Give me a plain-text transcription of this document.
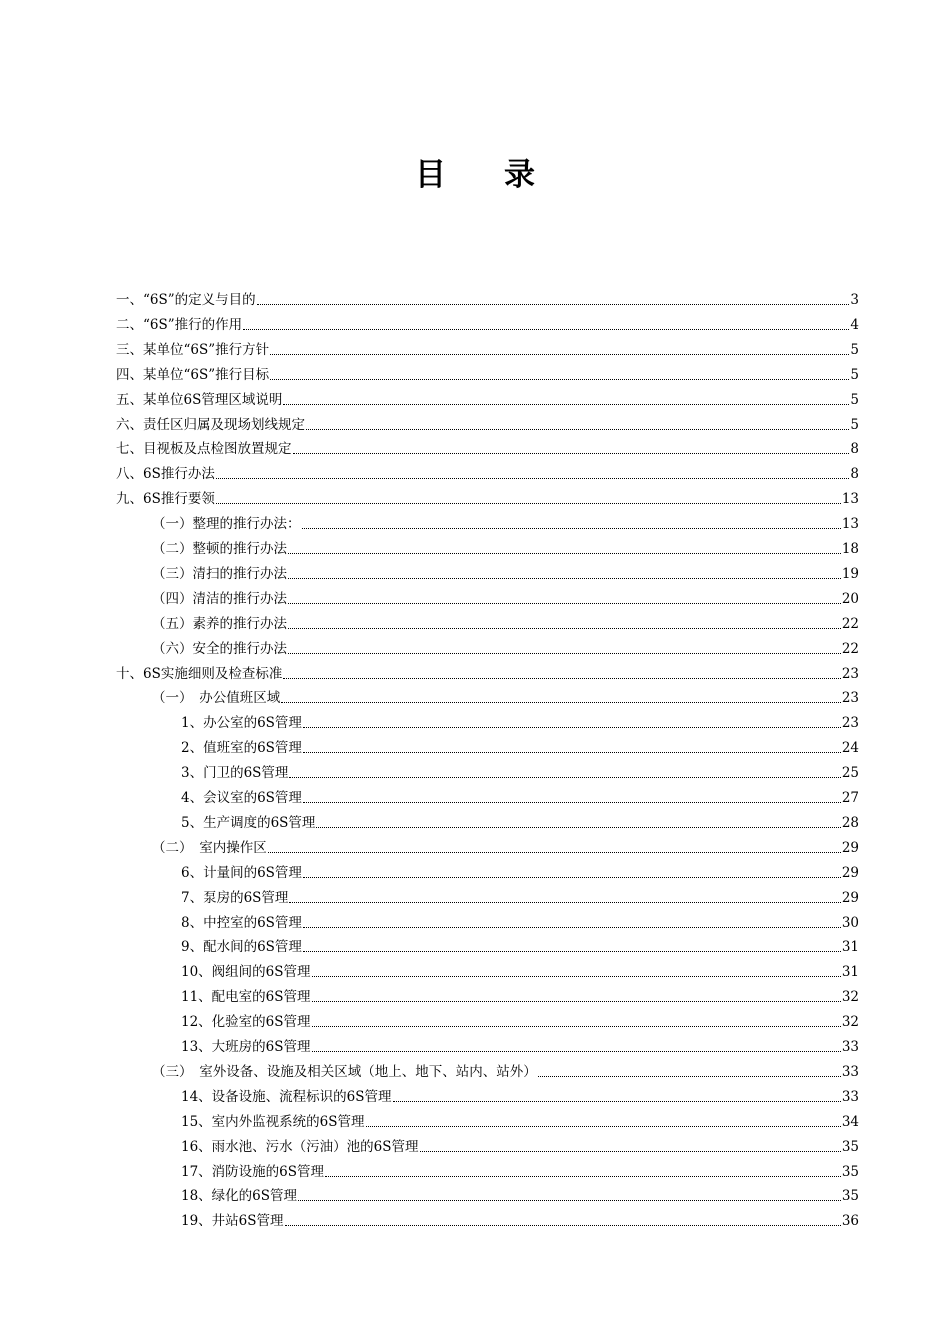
目录
一、“6S”的定义与目的	3
二、“6S”推行的作用	4
三、某单位“6S”推行方针	5
四、某单位“6S”推行目标	5
五、某单位6S管理区域说明	5
六、责任区归属及现场划线规定	5
七、目视板及点检图放置规定	8
八、6S推行办法	8
九、6S推行要领	13
（一）整理的推行办法：	13
（二）整顿的推行办法	18
（三）清扫的推行办法	19
（四）清洁的推行办法	20
（五）素养的推行办法	22
（六）安全的推行办法	22
十、6S实施细则及检查标准	23
（一）　办公值班区域	23
1、办公室的6S管理	23
2、值班室的6S管理	24
3、门卫的6S管理	25
4、会议室的6S管理	27
5、生产调度的6S管理	28
（二）　室内操作区	29
6、计量间的6S管理	29
7、泵房的6S管理	29
8、中控室的6S管理	30
9、配水间的6S管理	31
10、阀组间的6S管理	31
11、配电室的6S管理	32
12、化验室的6S管理	32
13、大班房的6S管理	33
（三）　室外设备、设施及相关区域（地上、地下、站内、站外）	33
14、设备设施、流程标识的6S管理	33
15、室内外监视系统的6S管理	34
16、雨水池、污水（污油）池的6S管理	35
17、消防设施的6S管理	35
18、绿化的6S管理	35
19、井站6S管理	36
